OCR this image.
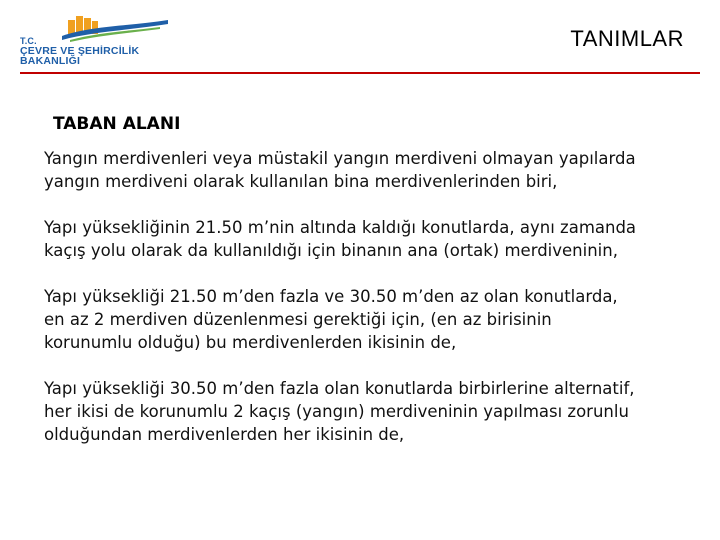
T.C.
ÇEVRE VE ŞEHİRCİLİK
BAKANLIĞI
TANIMLAR
TABAN ALANI
Yangın merdivenleri veya müstakil yangın merdiveni olmayan yapılarda
yangın merdiveni olarak kullanılan bina merdivenlerinden biri,
Yapı yüksekliğinin 21.50 m’nin altında kaldığı konutlarda, aynı zamanda
kaçış yolu olarak da kullanıldığı için binanın ana (ortak) merdiveninin,
Yapı yüksekliği 21.50 m’den fazla ve 30.50 m’den az olan konutlarda,
en az 2 merdiven düzenlenmesi gerektiği için, (en az birisinin
korunumlu olduğu) bu merdivenlerden ikisinin de,
Yapı yüksekliği 30.50 m’den fazla olan konutlarda birbirlerine alternatif,
her ikisi de korunumlu 2 kaçış (yangın) merdiveninin yapılması zorunlu
olduğundan merdivenlerden her ikisinin de,
